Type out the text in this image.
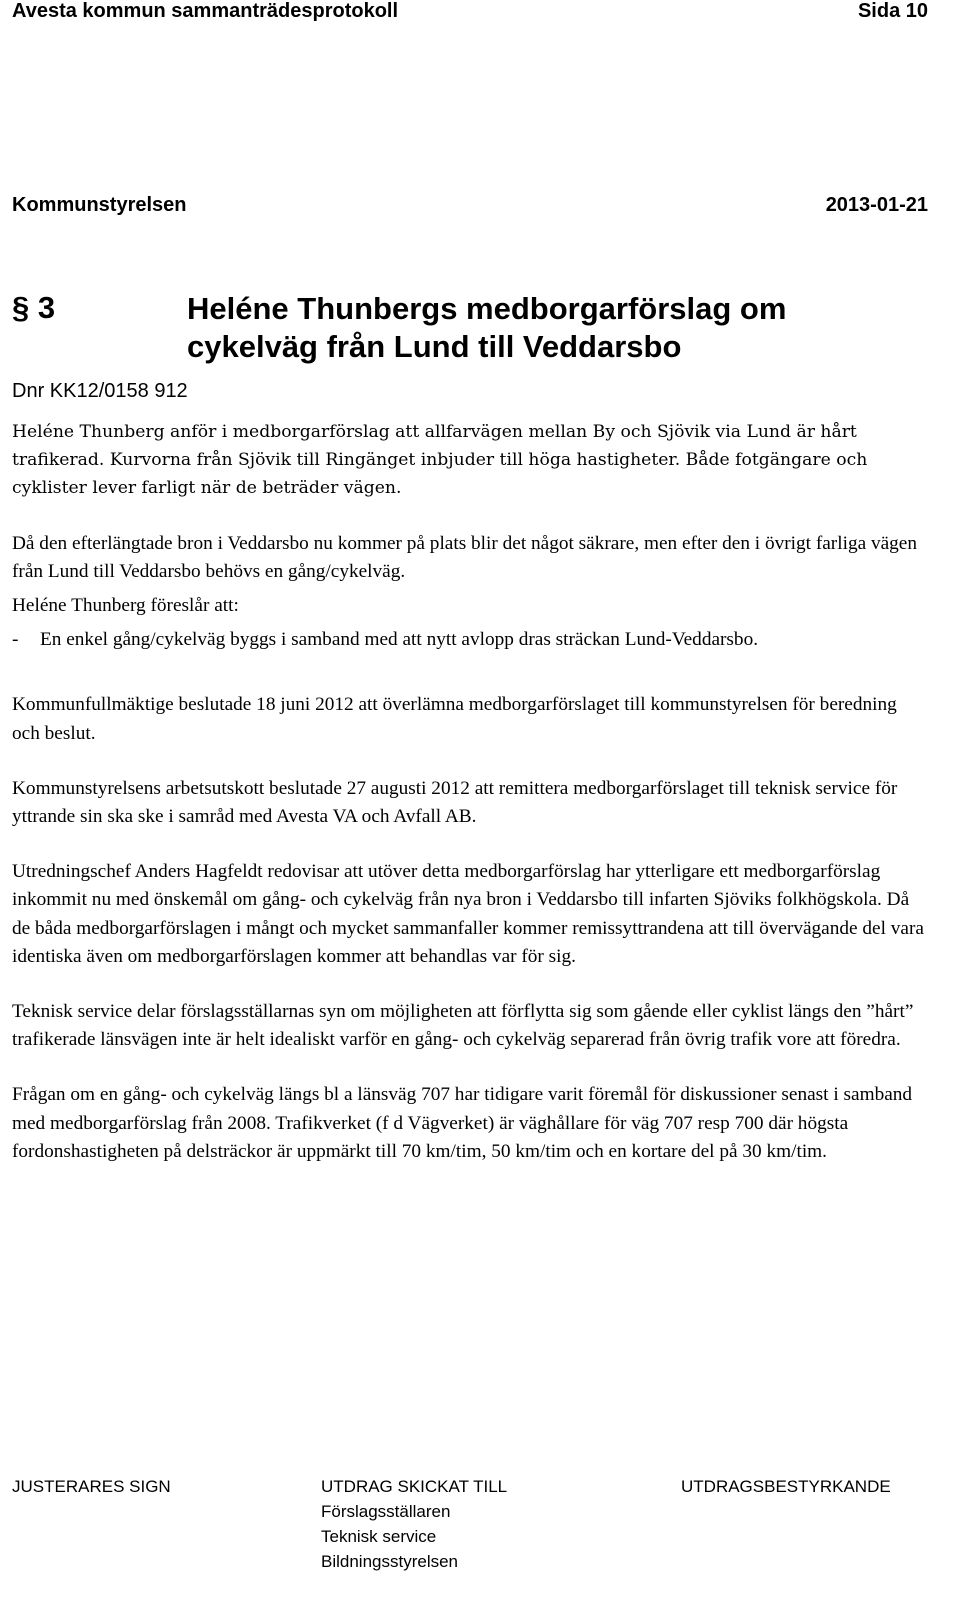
Avesta kommun sammanträdesprotokoll	Sida 10
Kommunstyrelsen	2013-01-21
§ 3	Heléne Thunbergs medborgarförslag om
cykelväg från Lund till Veddarsbo
Dnr KK12/0158 912

Heléne Thunberg anför i medborgarförslag att allfarvägen mellan By och Sjövik via Lund är hårt trafikerad. Kurvorna från Sjövik till Ringänget inbjuder till höga hastigheter. Både fotgängare och cyklister lever farligt när de beträder vägen.

Då den efterlängtade bron i Veddarsbo nu kommer på plats blir det något säkrare, men efter den i övrigt farliga vägen från Lund till Veddarsbo behövs en gång/cykelväg.

Heléne Thunberg föreslår att:

-	En enkel gång/cykelväg byggs i samband med att nytt avlopp dras sträckan Lund-Veddarsbo.

Kommunfullmäktige beslutade 18 juni 2012 att överlämna medborgarförslaget till kommunstyrelsen för beredning och beslut.

Kommunstyrelsens arbetsutskott beslutade 27 augusti 2012 att remittera medborgarförslaget till teknisk service för yttrande sin ska ske i samråd med Avesta VA och Avfall AB.

Utredningschef Anders Hagfeldt redovisar att utöver detta medborgarförslag har ytterligare ett medborgarförslag inkommit nu med önskemål om gång- och cykelväg från nya bron i Veddarsbo till infarten Sjöviks folkhögskola. Då de båda medborgarförslagen i mångt och mycket sammanfaller kommer remissyttrandena att till övervägande del vara identiska även om medborgarförslagen kommer att behandlas var för sig.

Teknisk service delar förslagsställarnas syn om möjligheten att förflytta sig som gående eller cyklist längs den ”hårt” trafikerade länsvägen inte är helt idealiskt varför en gång- och cykelväg separerad från övrig trafik vore att föredra.

Frågan om en gång- och cykelväg längs bl a länsväg 707 har tidigare varit föremål för diskussioner senast i samband med medborgarförslag från 2008. Trafikverket (f d Vägverket) är väghållare för väg 707 resp 700 där högsta fordonshastigheten på delsträckor är uppmärkt till 70 km/tim, 50 km/tim och en kortare del på 30 km/tim.

JUSTERARES SIGN	UTDRAG SKICKAT TILL
Förslagsställaren
Teknisk service
Bildningsstyrelsen
UTDRAGSBESTYRKANDE
